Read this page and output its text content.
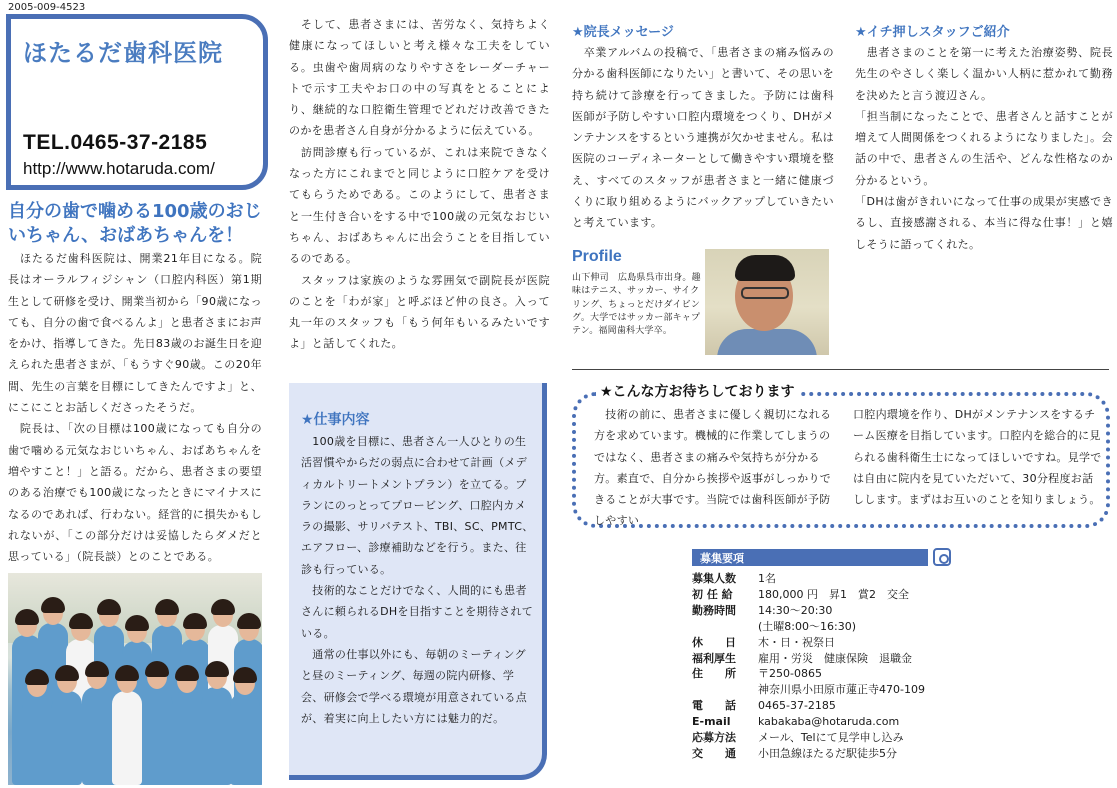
2005-009-4523
ほたるだ歯科医院
TEL.0465-37-2185
http://www.hotaruda.com/
自分の歯で噛める100歳のおじいちゃん、おばあちゃんを！
　ほたるだ歯科医院は、開業21年目になる。院長はオーラルフィジシャン（口腔内科医）第1期生として研修を受け、開業当初から「90歳になっても、自分の歯で食べるんよ」と患者さまにお声をかけ、指導してきた。先日83歳のお誕生日を迎えられた患者さまが、「もうすぐ90歳。この20年間、先生の言葉を目標にしてきたんですよ」と、にこにことお話しくださったそうだ。
　院長は、「次の目標は100歳になっても自分の歯で噛める元気なおじいちゃん、おばあちゃんを増やすこと！」と語る。だから、患者さまの要望のある治療でも100歳になったときにマイナスになるのであれば、行わない。経営的に損失かもしれないが、「この部分だけは妥協したらダメだと思っている」（院長談）とのことである。
　そして、患者さまには、苦労なく、気持ちよく健康になってほしいと考え様々な工夫をしている。虫歯や歯周病のなりやすさをレーダーチャートで示す工夫やお口の中の写真をとることにより、継続的な口腔衛生管理でどれだけ改善できたのかを患者さん自身が分かるように伝えている。
　訪問診療も行っているが、これは来院できなくなった方にこれまでと同じように口腔ケアを受けてもらうためである。このようにして、患者さまと一生付き合いをする中で100歳の元気なおじいちゃん、おばあちゃんに出会うことを目指しているのである。
　スタッフは家族のような雰囲気で副院長が医院のことを「わが家」と呼ぶほど仲の良さ。入って丸一年のスタッフも「もう何年もいるみたいですよ」と話してくれた。
★仕事内容
　100歳を目標に、患者さん一人ひとりの生活習慣やからだの弱点に合わせて計画（メディカルトリートメントプラン）を立てる。プランにのっとってプロービング、口腔内カメラの撮影、サリバテスト、TBI、SC、PMTC、エアフロー、診療補助などを行う。また、往診も行っている。
　技術的なことだけでなく、人間的にも患者さんに頼られるDHを目指すことを期待されている。
　通常の仕事以外にも、毎朝のミーティングと昼のミーティング、毎週の院内研修、学会、研修会で学べる環境が用意されている点が、着実に向上したい方には魅力的だ。
★院長メッセージ
　卒業アルバムの投稿で、「患者さまの痛み悩みの分かる歯科医師になりたい」と書いて、その思いを持ち続けて診療を行ってきました。予防には歯科医師が予防しやすい口腔内環境をつくり、DHがメンテナンスをするという連携が欠かせません。私は医院のコーディネーターとして働きやすい環境を整え、すべてのスタッフが患者さまと一緒に健康づくりに取り組めるようにバックアップしていきたいと考えています。
Profile
山下伸司　広島県呉市出身。趣味はテニス、サッカー、サイクリング、ちょっとだけダイビング。大学ではサッカー部キャプテン。福岡歯科大学卒。
★イチ押しスタッフご紹介
　患者さまのことを第一に考えた治療姿勢、院長先生のやさしく楽しく温かい人柄に惹かれて勤務を決めたと言う渡辺さん。
「担当制になったことで、患者さんと話すことが増えて人間関係をつくれるようになりました」。会話の中で、患者さんの生活や、どんな性格なのか分かるという。
「DHは歯がきれいになって仕事の成果が実感できるし、直接感謝される、本当に得な仕事！」と嬉しそうに語ってくれた。
★こんな方お待ちしております
　技術の前に、患者さまに優しく親切になれる方を求めています。機械的に作業してしまうのではなく、患者さまの痛みや気持ちが分かる方。素直で、自分から挨拶や返事がしっかりできることが大事です。当院では歯科医師が予防しやすい
口腔内環境を作り、DHがメンテナンスをするチーム医療を目指しています。口腔内を総合的に見られる歯科衛生士になってほしいですね。見学では自由に院内を見ていただいて、30分程度お話しします。まずはお互いのことを知りましょう。
募集要項
募集人数	1名
初 任 給	180,000 円　昇1　賞2　交全
勤務時間	14:30〜20:30
(土曜8:00〜16:30)
休　　日	木・日・祝祭日
福利厚生	雇用・労災　健康保険　退職金
住　　所	〒250-0865
神奈川県小田原市蓮正寺470-109
電　　話	0465-37-2185
E-mail	kabakaba@hotaruda.com
応募方法	メール、Telにて見学申し込み
交　　通	小田急線ほたるだ駅徒歩5分
